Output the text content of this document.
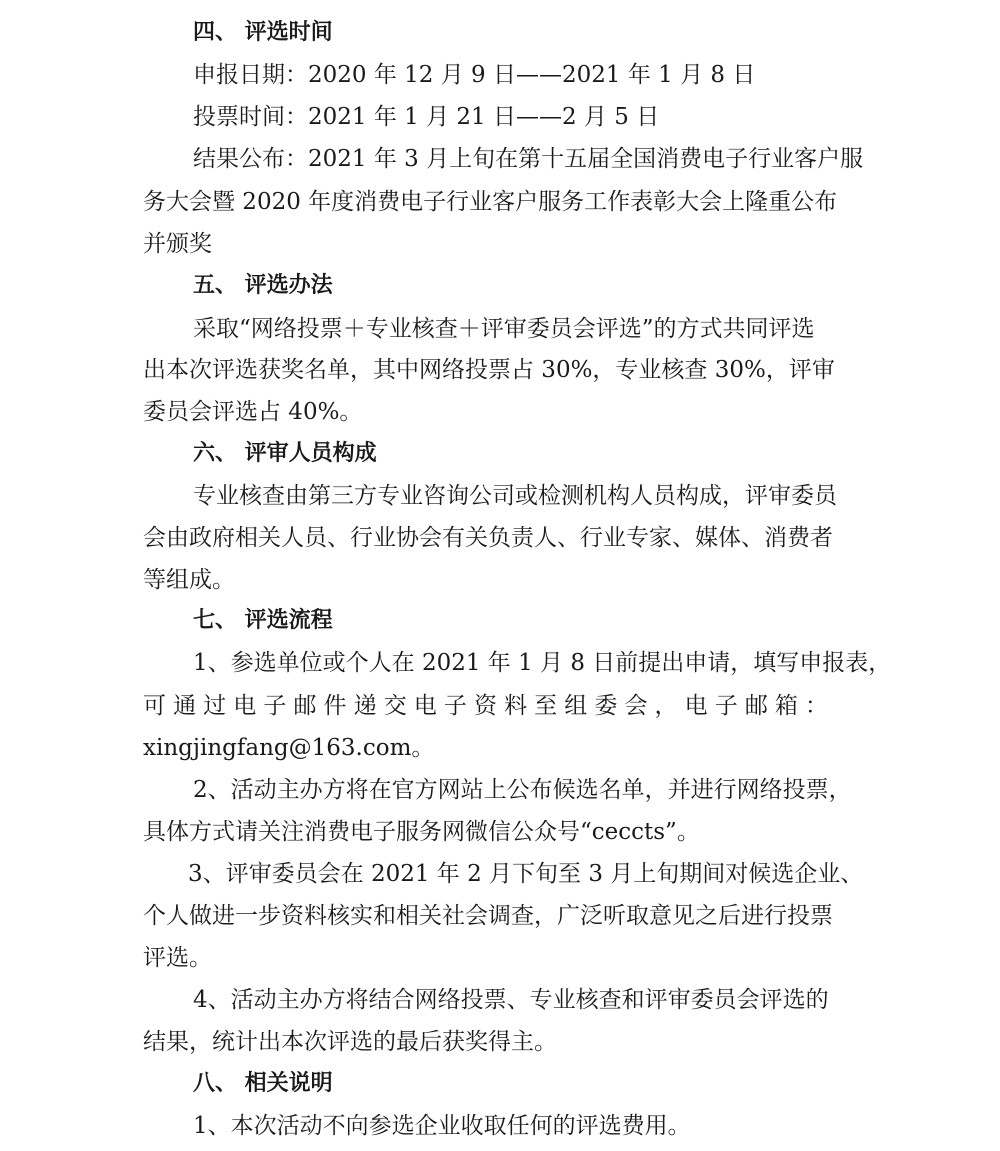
四、 评选时间
申报日期：2020 年 12 月 9 日——2021 年 1 月 8 日
投票时间：2021 年 1 月 21 日——2 月 5 日
结果公布：2021 年 3 月上旬在第十五届全国消费电子行业客户服
务大会暨 2020 年度消费电子行业客户服务工作表彰大会上隆重公布
并颁奖
五、 评选办法
采取“网络投票＋专业核查＋评审委员会评选”的方式共同评选
出本次评选获奖名单，其中网络投票占 30%，专业核查 30%，评审
委员会评选占 40%。
六、 评审人员构成
专业核查由第三方专业咨询公司或检测机构人员构成，评审委员
会由政府相关人员、行业协会有关负责人、行业专家、媒体、消费者
等组成。
七、 评选流程
1、参选单位或个人在 2021 年 1 月 8 日前提出申请，填写申报表，
可通过电子邮件递交电子资料至组委会，电子邮箱：
xingjingfang@163.com。
2、活动主办方将在官方网站上公布候选名单，并进行网络投票，
具体方式请关注消费电子服务网微信公众号“ceccts”。
3、评审委员会在 2021 年 2 月下旬至 3 月上旬期间对候选企业、
个人做进一步资料核实和相关社会调查，广泛听取意见之后进行投票
评选。
4、活动主办方将结合网络投票、专业核查和评审委员会评选的
结果，统计出本次评选的最后获奖得主。
八、 相关说明
1、本次活动不向参选企业收取任何的评选费用。
